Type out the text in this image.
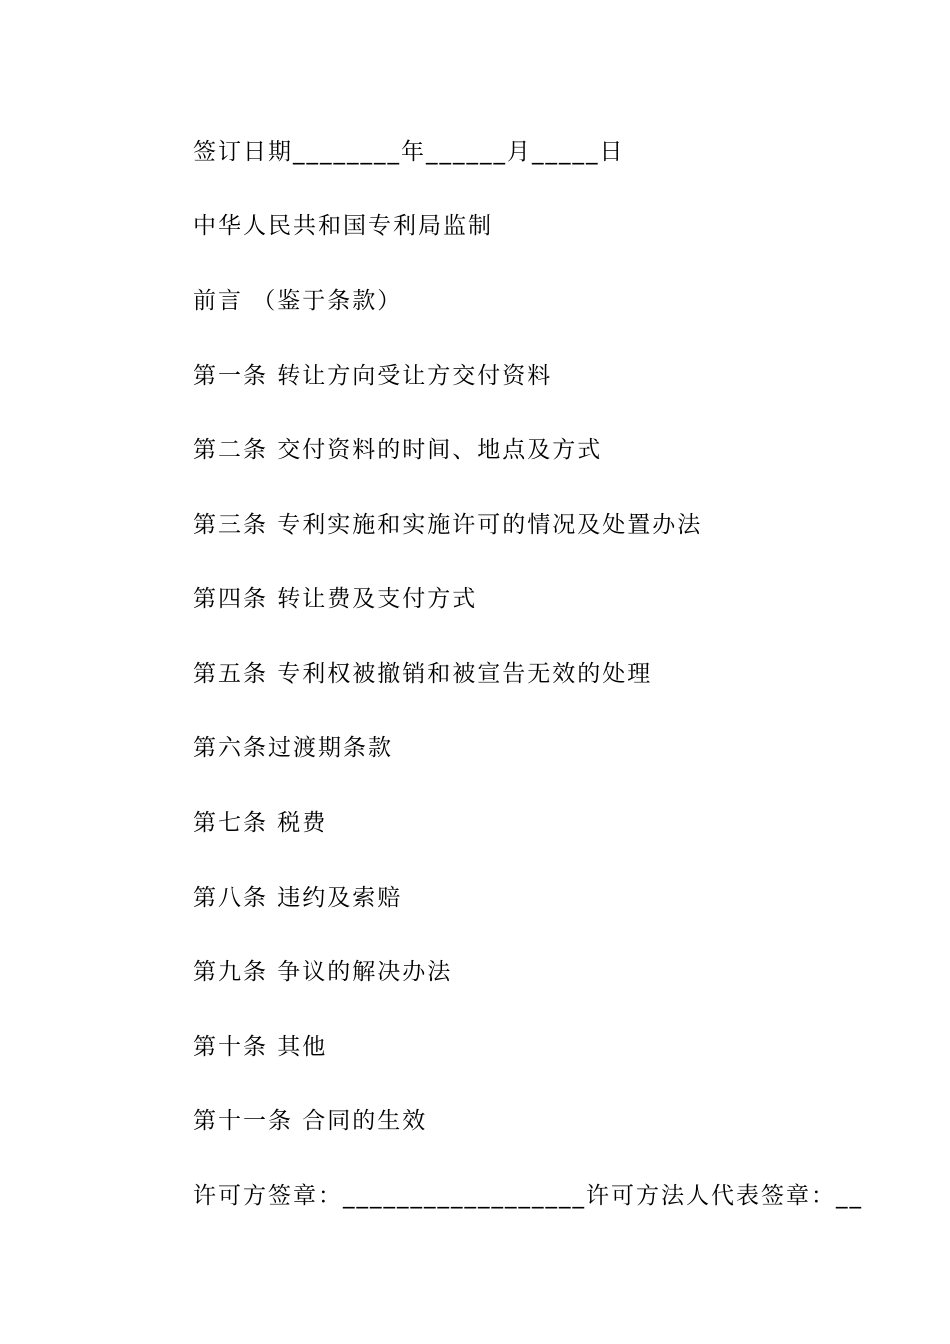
签订日期________年______月_____日
中华人民共和国专利局监制
前言 （鉴于条款）
第一条 转让方向受让方交付资料
第二条 交付资料的时间、地点及方式
第三条 专利实施和实施许可的情况及处置办法
第四条 转让费及支付方式
第五条 专利权被撤销和被宣告无效的处理
第六条过渡期条款
第七条 税费
第八条 违约及索赔
第九条 争议的解决办法
第十条 其他
第十一条 合同的生效
许可方签章：__________________许可方法人代表签章：__
